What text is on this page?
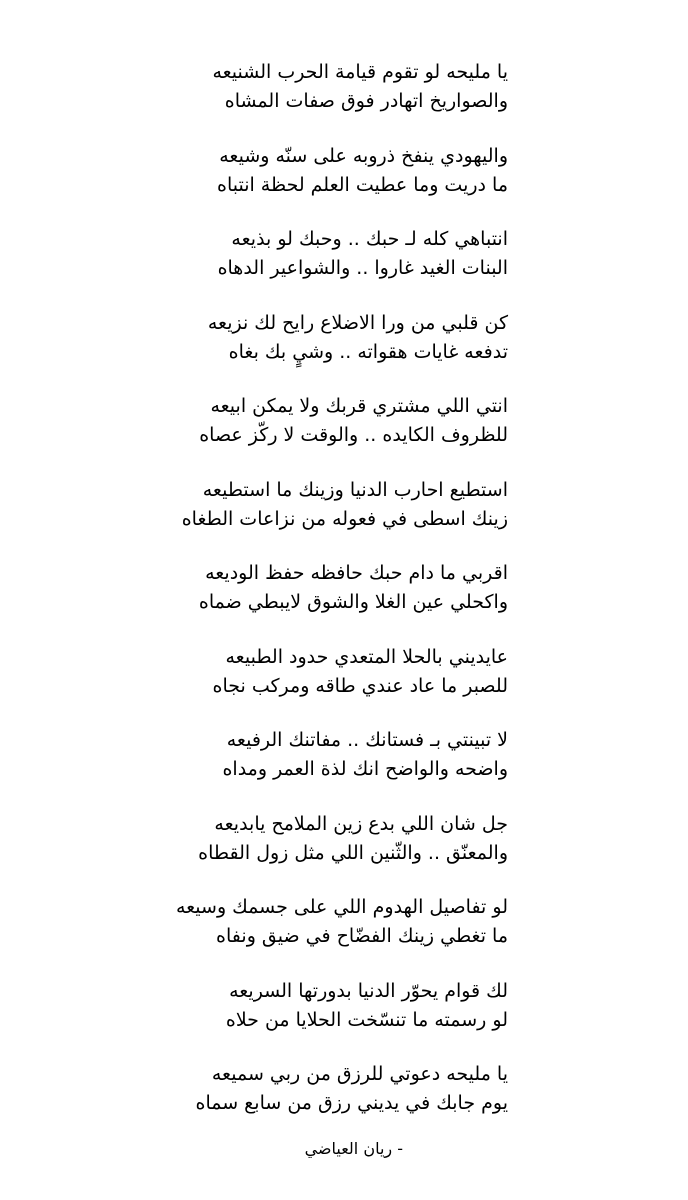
يا مليحه لو تقوم قيامة الحرب الشنيعه
والصواريخ اتهادر فوق صفات المشاه
واليهودي ينفخ ذروبه على سنّه وشيعه
ما دريت وما عطيت العلم لحظة انتباه
انتباهي كله لـ حبك .. وحبك لو بذيعه
البنات الغيد غاروا .. والشواعير الدهاه
كن قلبي من ورا الاضلاع رايح لك نزيعه
تدفعه غايات هقواته .. وشيٍ بك بغاه
انتي اللي مشتري قربك ولا يمكن ابيعه
للظروف الكايده .. والوقت لا ركّز عصاه
استطيع احارب الدنيا وزينك ما استطيعه
زينك اسطى في فعوله من نزاعات الطغاه
اقربي ما دام حبك حافظه حفظ الوديعه
واكحلي عين الغلا والشوق لايبطي ضماه
عايديني بالحلا المتعدي حدود الطبيعه
للصبر ما عاد عندي طاقه ومركب نجاه
لا تبينتي بـ فستانك .. مفاتنك الرفيعه
واضحه والواضح انك لذة العمر ومداه
جل شان اللي بدع زين الملامح يابديعه
والمعنّق .. والثّنين اللي مثل زول القطاه
لو تفاصيل الهدوم اللي على جسمك وسيعه
ما تغطي زينك الفضّاح في ضيق ونفاه
لك قوام يحوّر الدنيا بدورتها السريعه
لو رسمته ما تنسّخت الحلايا من حلاه
يا مليحه دعوتي للرزق من ربي سميعه
يوم جابك في يديني رزق من سابع سماه
- ريان العياضي
